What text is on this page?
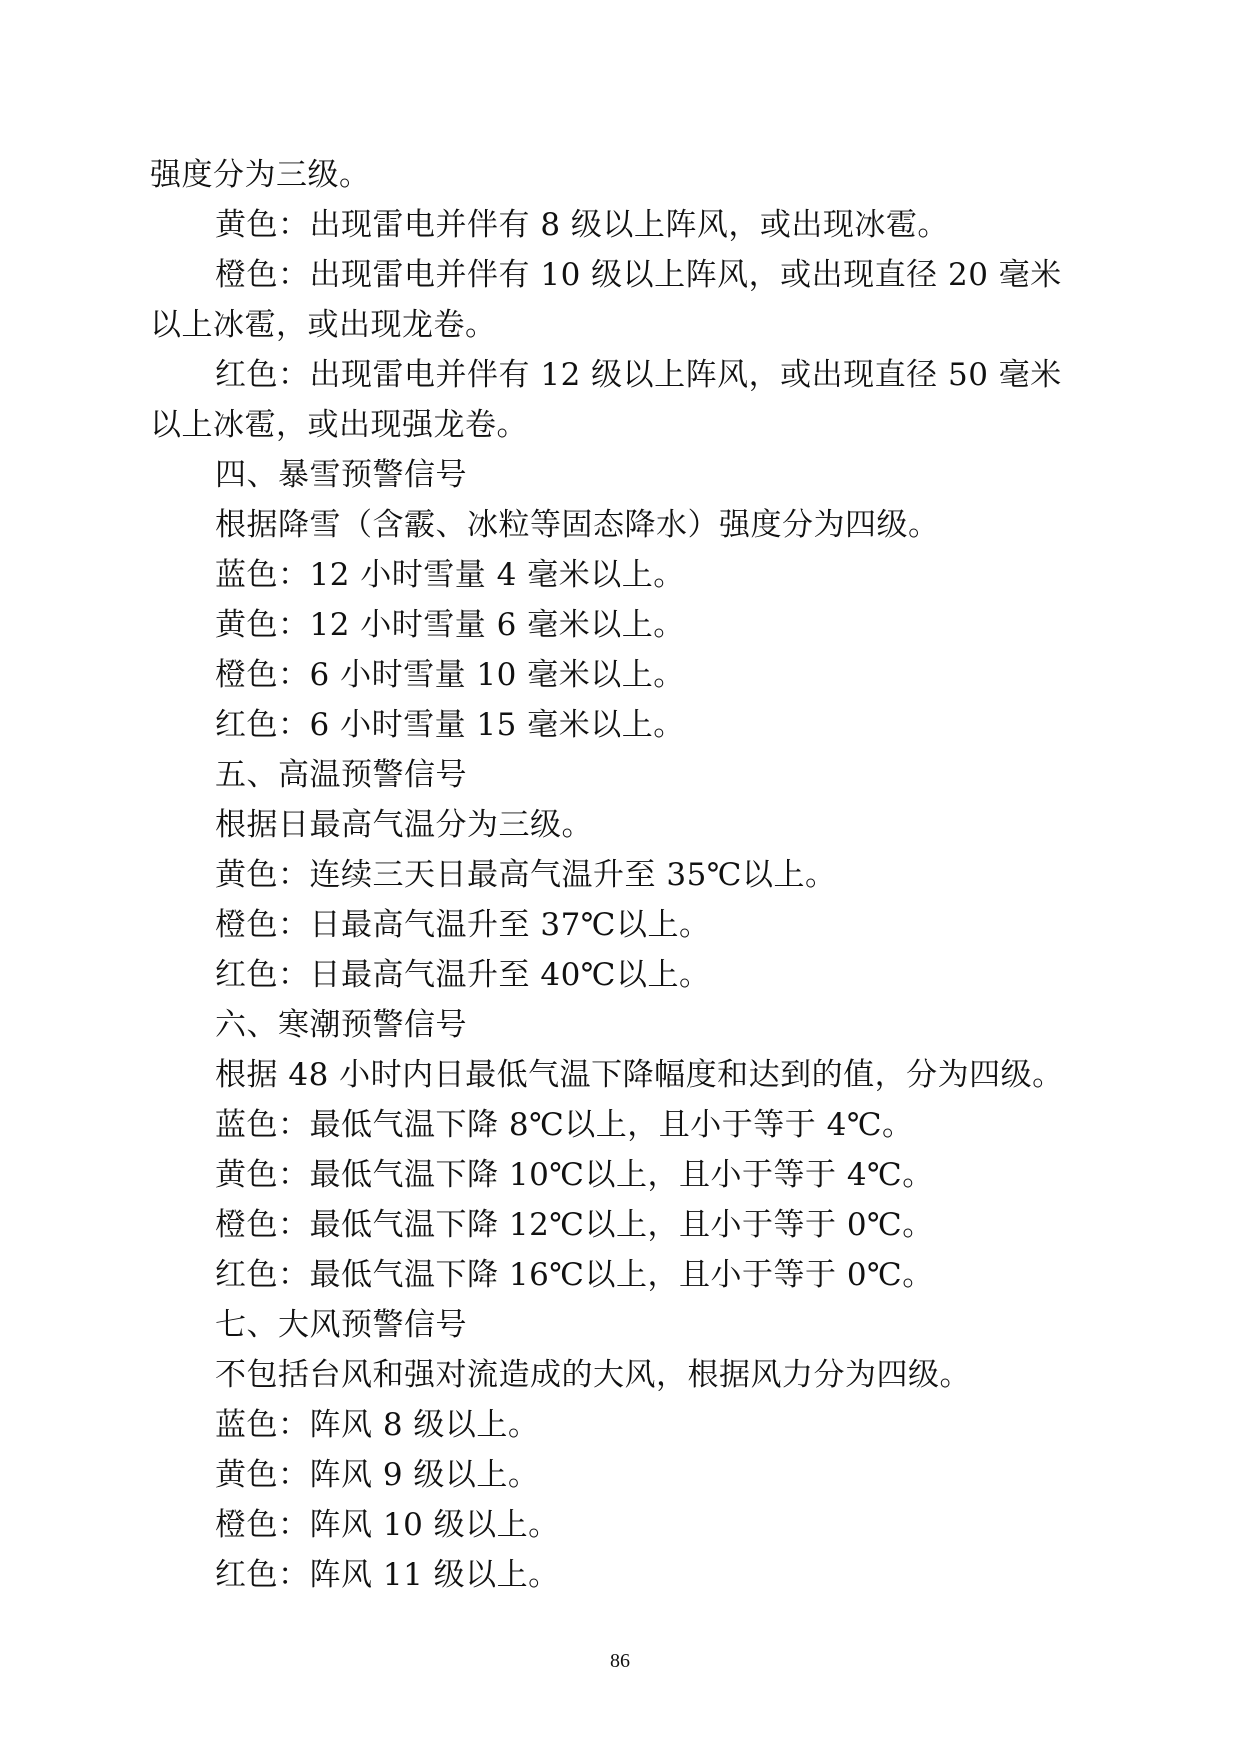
强度分为三级。
黄色：出现雷电并伴有 8 级以上阵风，或出现冰雹。
橙色：出现雷电并伴有 10 级以上阵风，或出现直径 20 毫米
以上冰雹，或出现龙卷。
红色：出现雷电并伴有 12 级以上阵风，或出现直径 50 毫米
以上冰雹，或出现强龙卷。
四、暴雪预警信号
根据降雪（含霰、冰粒等固态降水）强度分为四级。
蓝色：12 小时雪量 4 毫米以上。
黄色：12 小时雪量 6 毫米以上。
橙色：6 小时雪量 10 毫米以上。
红色：6 小时雪量 15 毫米以上。
五、高温预警信号
根据日最高气温分为三级。
黄色：连续三天日最高气温升至 35℃以上。
橙色：日最高气温升至 37℃以上。
红色：日最高气温升至 40℃以上。
六、寒潮预警信号
根据 48 小时内日最低气温下降幅度和达到的值，分为四级。
蓝色：最低气温下降 8℃以上，且小于等于 4℃。
黄色：最低气温下降 10℃以上，且小于等于 4℃。
橙色：最低气温下降 12℃以上，且小于等于 0℃。
红色：最低气温下降 16℃以上，且小于等于 0℃。
七、大风预警信号
不包括台风和强对流造成的大风，根据风力分为四级。
蓝色：阵风 8 级以上。
黄色：阵风 9 级以上。
橙色：阵风 10 级以上。
红色：阵风 11 级以上。
86
